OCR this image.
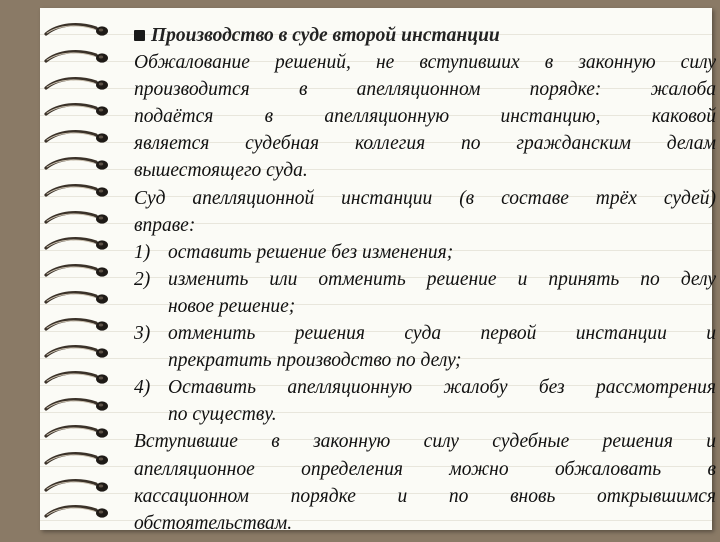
Производство в суде второй инстанции
Обжалование решений, не вступивших в законную силу
производится в апелляционном порядке: жалоба
подаётся в апелляционную инстанцию, каковой
является судебная коллегия по гражданским делам
вышестоящего суда.
Суд апелляционной инстанции (в составе трёх судей)
вправе:
1) оставить решение без изменения;
2) изменить или отменить решение и принять по делу
новое решение;
3) отменить решения суда первой инстанции и
прекратить производство по делу;
4) Оставить апелляционную жалобу без рассмотрения
по существу.
Вступившие в законную силу судебные решения и
апелляционное определения можно обжаловать в
кассационном порядке и по вновь открывшимся
обстоятельствам.
